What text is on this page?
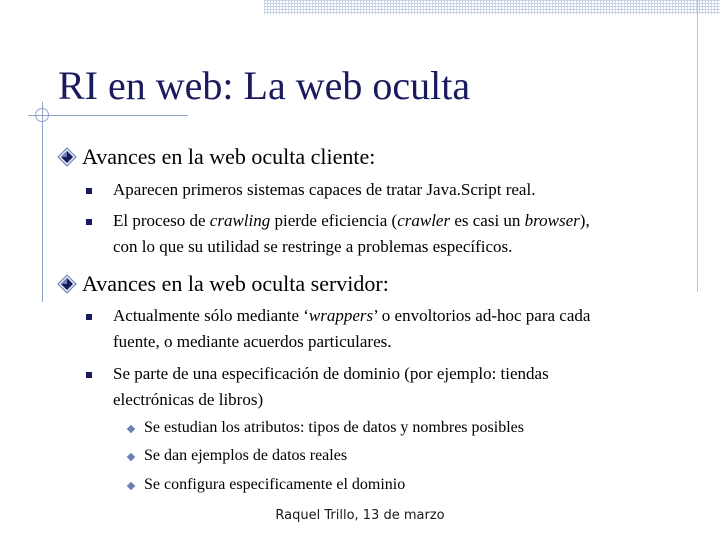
RI en web: La web oculta
Avances en la web oculta cliente:
Aparecen primeros sistemas capaces de tratar Java.Script real.
El proceso de crawling pierde eficiencia (crawler es casi un browser),
con lo que su utilidad se restringe a problemas específicos.
Avances en la web oculta servidor:
Actualmente sólo mediante ‘wrappers’ o envoltorios ad-hoc para cada
fuente, o mediante acuerdos particulares.
Se parte de una especificación de dominio (por ejemplo: tiendas
electrónicas de libros)
Se estudian los atributos: tipos de datos y nombres posibles
Se dan ejemplos de datos reales
Se configura especificamente el dominio
Raquel Trillo, 13 de marzo
